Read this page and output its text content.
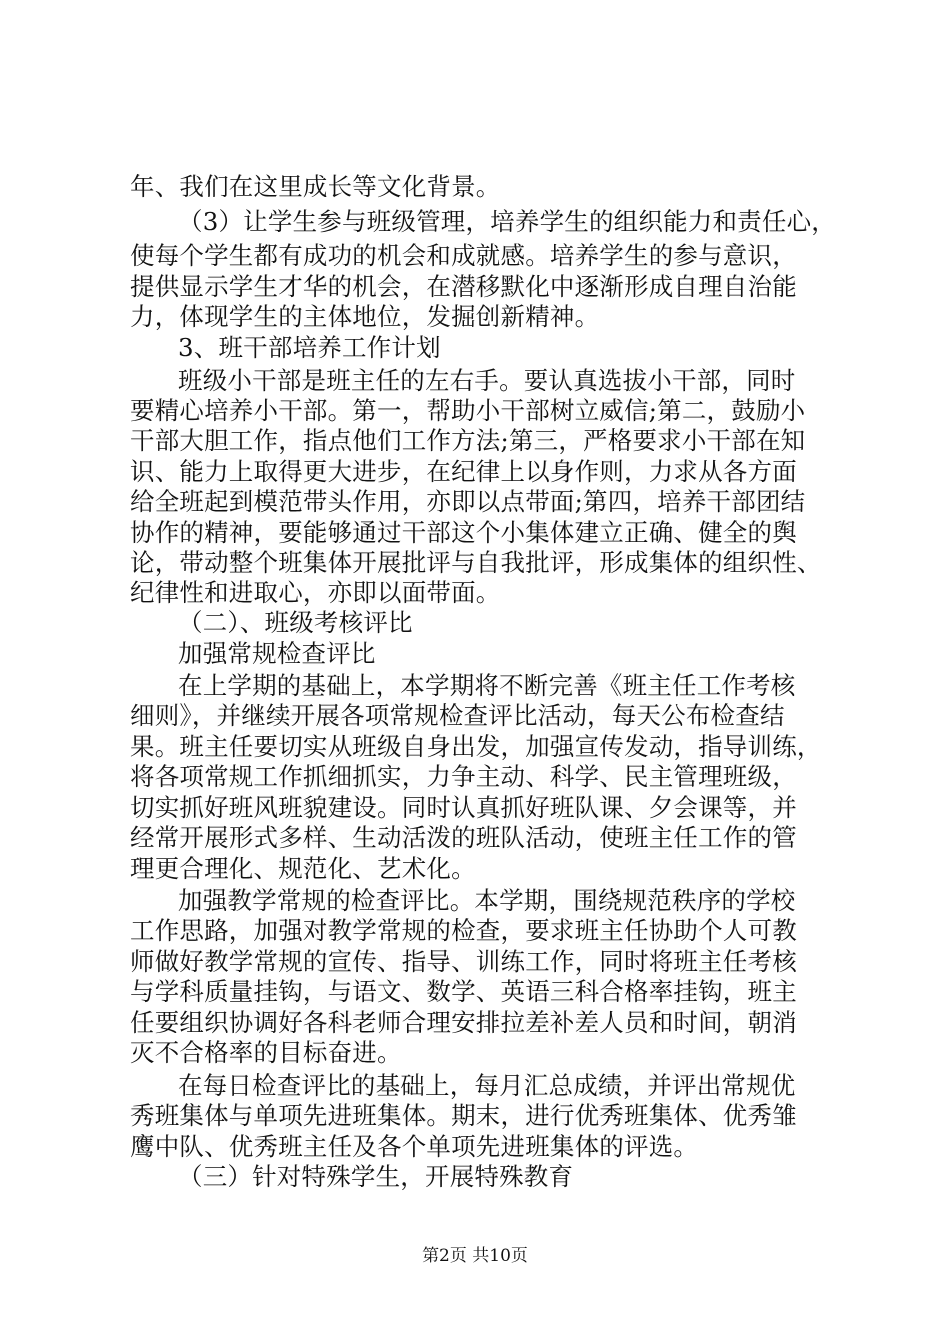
年、我们在这里成长等文化背景。
（3）让学生参与班级管理，培养学生的组织能力和责任心，
使每个学生都有成功的机会和成就感。培养学生的参与意识，
提供显示学生才华的机会，在潜移默化中逐渐形成自理自治能
力，体现学生的主体地位，发掘创新精神。
3、班干部培养工作计划
班级小干部是班主任的左右手。要认真选拔小干部，同时
要精心培养小干部。第一，帮助小干部树立威信;第二，鼓励小
干部大胆工作，指点他们工作方法;第三，严格要求小干部在知
识、能力上取得更大进步，在纪律上以身作则，力求从各方面
给全班起到模范带头作用，亦即以点带面;第四，培养干部团结
协作的精神，要能够通过干部这个小集体建立正确、健全的舆
论，带动整个班集体开展批评与自我批评，形成集体的组织性、
纪律性和进取心，亦即以面带面。
（二）、班级考核评比
加强常规检查评比
在上学期的基础上，本学期将不断完善《班主任工作考核
细则》，并继续开展各项常规检查评比活动，每天公布检查结
果。班主任要切实从班级自身出发，加强宣传发动，指导训练，
将各项常规工作抓细抓实，力争主动、科学、民主管理班级，
切实抓好班风班貌建设。同时认真抓好班队课、夕会课等，并
经常开展形式多样、生动活泼的班队活动，使班主任工作的管
理更合理化、规范化、艺术化。
加强教学常规的检查评比。本学期，围绕规范秩序的学校
工作思路，加强对教学常规的检查，要求班主任协助个人可教
师做好教学常规的宣传、指导、训练工作，同时将班主任考核
与学科质量挂钩，与语文、数学、英语三科合格率挂钩，班主
任要组织协调好各科老师合理安排拉差补差人员和时间，朝消
灭不合格率的目标奋进。
在每日检查评比的基础上，每月汇总成绩，并评出常规优
秀班集体与单项先进班集体。期末，进行优秀班集体、优秀雏
鹰中队、优秀班主任及各个单项先进班集体的评选。
（三）针对特殊学生，开展特殊教育
第2页 共10页
